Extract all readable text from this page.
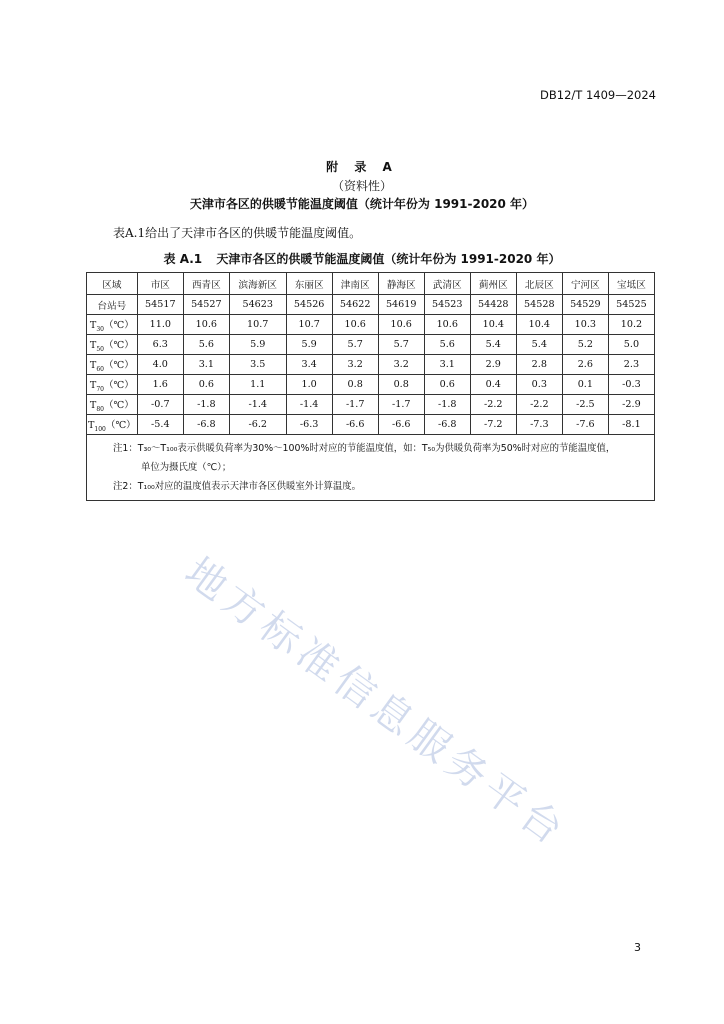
DB12/T 1409—2024
附 录 A
（资料性）
天津市各区的供暖节能温度阈值（统计年份为 1991-2020 年）
表A.1给出了天津市各区的供暖节能温度阈值。
表 A.1 天津市各区的供暖节能温度阈值（统计年份为 1991-2020 年）
区域	市区	西青区	滨海新区	东丽区	津南区	静海区	武清区	蓟州区	北辰区	宁河区	宝坻区
台站号	54517	54527	54623	54526	54622	54619	54523	54428	54528	54529	54525
$T_{30}(℃)$	11.0	10.6	10.7	10.7	10.6	10.6	10.6	10.4	10.4	10.3	10.2
$T_{50}(℃)$	6.3	5.6	5.9	5.9	5.7	5.7	5.6	5.4	5.4	5.2	5.0
$T_{60}(℃)$	4.0	3.1	3.5	3.4	3.2	3.2	3.1	2.9	2.8	2.6	2.3
$T_{70}(℃)$	1.6	0.6	1.1	1.0	0.8	0.8	0.6	0.4	0.3	0.1	-0.3
$T_{80}(℃)$	-0.7	-1.8	-1.4	-1.4	-1.7	-1.7	-1.8	-2.2	-2.2	-2.5	-2.9
$T_{100}(℃)$	-5.4	-6.8	-6.2	-6.3	-6.6	-6.6	-6.8	-7.2	-7.3	-7.6	-8.1

注1：T₃₀～T₁₀₀表示供暖负荷率为30%～100%时对应的节能温度值，如：T₅₀为供暖负荷率为50%时对应的节能温度值，
单位为摄氏度（℃）；
注2：T₁₀₀对应的温度值表示天津市各区供暖室外计算温度。											
地方标准信息服务平台
3
